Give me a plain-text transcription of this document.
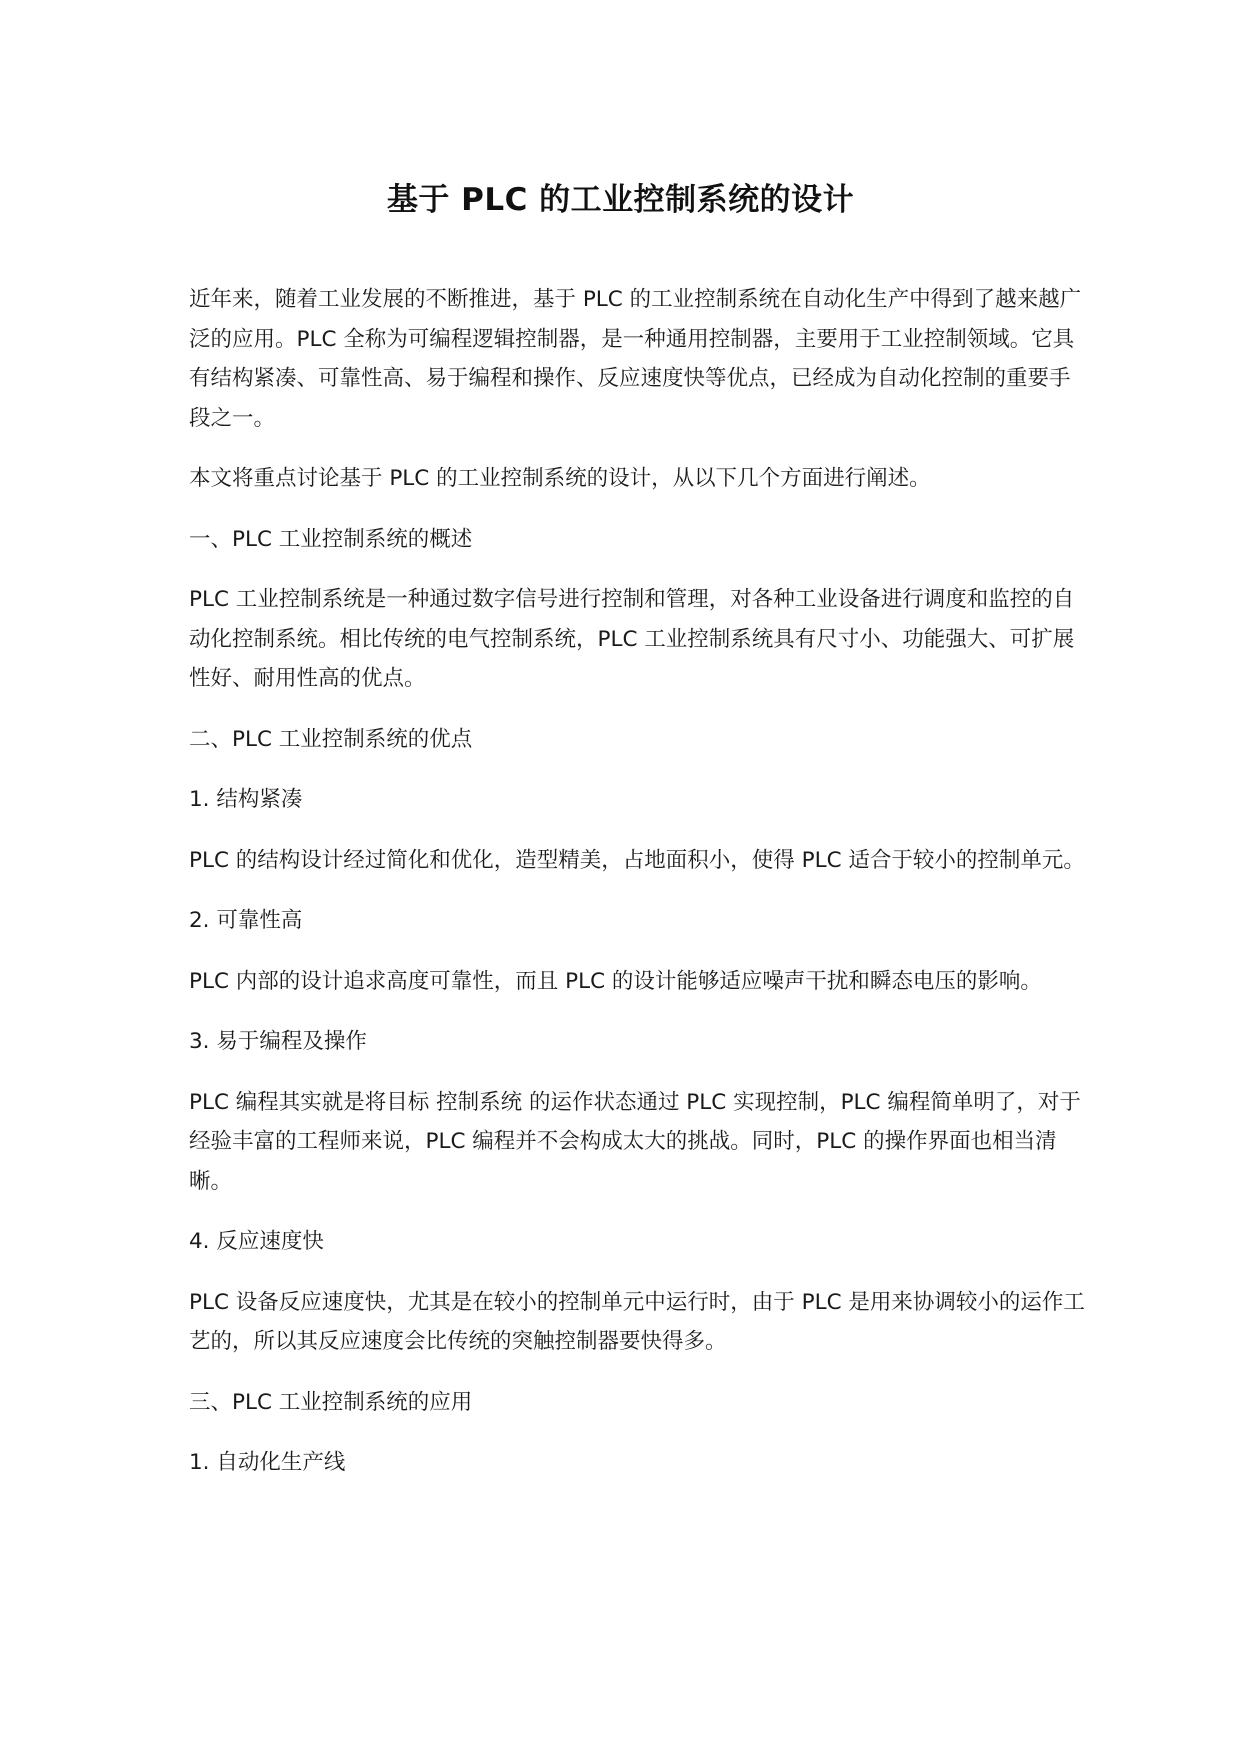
基于 PLC 的工业控制系统的设计

近年来，随着工业发展的不断推进，基于 PLC 的工业控制系统在自动化生产中得到了越来越广泛的应用。PLC 全称为可编程逻辑控制器，是一种通用控制器，主要用于工业控制领域。它具有结构紧凑、可靠性高、易于编程和操作、反应速度快等优点，已经成为自动化控制的重要手段之一。

本文将重点讨论基于 PLC 的工业控制系统的设计，从以下几个方面进行阐述。

一、PLC 工业控制系统的概述

PLC 工业控制系统是一种通过数字信号进行控制和管理，对各种工业设备进行调度和监控的自动化控制系统。相比传统的电气控制系统，PLC 工业控制系统具有尺寸小、功能强大、可扩展性好、耐用性高的优点。

二、PLC 工业控制系统的优点

1. 结构紧凑

PLC 的结构设计经过简化和优化，造型精美，占地面积小，使得 PLC 适合于较小的控制单元。

2. 可靠性高

PLC 内部的设计追求高度可靠性，而且 PLC 的设计能够适应噪声干扰和瞬态电压的影响。

3. 易于编程及操作

PLC 编程其实就是将目标 控制系统 的运作状态通过 PLC 实现控制，PLC 编程简单明了，对于经验丰富的工程师来说，PLC 编程并不会构成太大的挑战。同时，PLC 的操作界面也相当清晰。

4. 反应速度快

PLC 设备反应速度快，尤其是在较小的控制单元中运行时，由于 PLC 是用来协调较小的运作工艺的，所以其反应速度会比传统的突触控制器要快得多。

三、PLC 工业控制系统的应用

1. 自动化生产线
